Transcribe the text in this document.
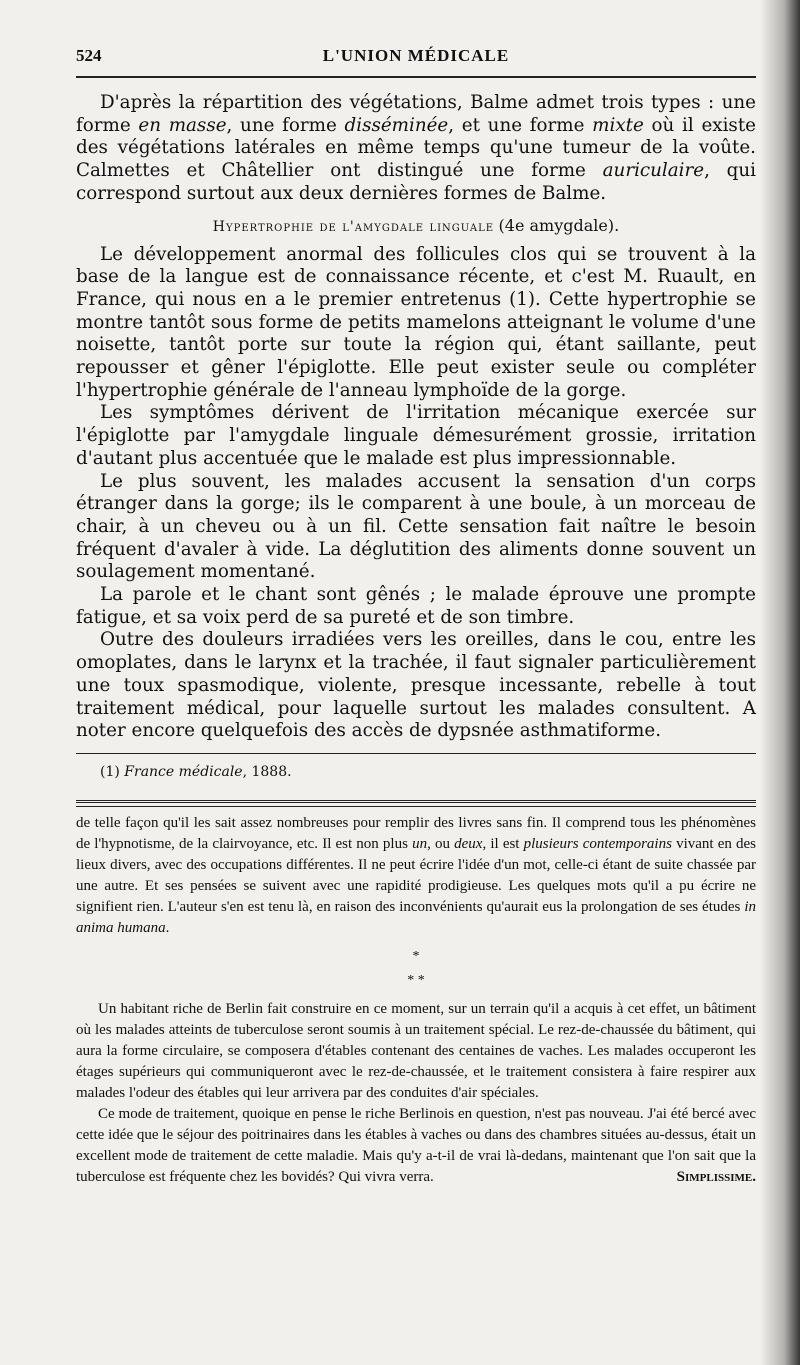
524	L'UNION MÉDICALE

D'après la répartition des végétations, Balme admet trois types : une forme en masse, une forme disséminée, et une forme mixte où il existe des végétations latérales en même temps qu'une tumeur de la voûte. Calmettes et Châtellier ont distingué une forme auriculaire, qui correspond surtout aux deux dernières formes de Balme.

Hypertrophie de l'amygdale linguale (4e amygdale).

Le développement anormal des follicules clos qui se trouvent à la base de la langue est de connaissance récente, et c'est M. Ruault, en France, qui nous en a le premier entretenus (1). Cette hypertrophie se montre tantôt sous forme de petits mamelons atteignant le volume d'une noisette, tantôt porte sur toute la région qui, étant saillante, peut repousser et gêner l'épiglotte. Elle peut exister seule ou compléter l'hypertrophie générale de l'anneau lymphoïde de la gorge.

Les symptômes dérivent de l'irritation mécanique exercée sur l'épiglotte par l'amygdale linguale démesurément grossie, irritation d'autant plus accentuée que le malade est plus impressionnable.

Le plus souvent, les malades accusent la sensation d'un corps étranger dans la gorge; ils le comparent à une boule, à un morceau de chair, à un cheveu ou à un fil. Cette sensation fait naître le besoin fréquent d'avaler à vide. La déglutition des aliments donne souvent un soulagement momentané.

La parole et le chant sont gênés ; le malade éprouve une prompte fatigue, et sa voix perd de sa pureté et de son timbre.

Outre des douleurs irradiées vers les oreilles, dans le cou, entre les omoplates, dans le larynx et la trachée, il faut signaler particulièrement une toux spasmodique, violente, presque incessante, rebelle à tout traitement médical, pour laquelle surtout les malades consultent. A noter encore quelquefois des accès de dypsnée asthmatiforme.

(1) France médicale, 1888.

de telle façon qu'il les sait assez nombreuses pour remplir des livres sans fin. Il comprend tous les phénomènes de l'hypnotisme, de la clairvoyance, etc. Il est non plus un, ou deux, il est plusieurs contemporains vivant en des lieux divers, avec des occupations différentes. Il ne peut écrire l'idée d'un mot, celle-ci étant de suite chassée par une autre. Et ses pensées se suivent avec une rapidité prodigieuse. Les quelques mots qu'il a pu écrire ne signifient rien. L'auteur s'en est tenu là, en raison des inconvénients qu'aurait eus la prolongation de ses études in anima humana.

*
* *

Un habitant riche de Berlin fait construire en ce moment, sur un terrain qu'il a acquis à cet effet, un bâtiment où les malades atteints de tuberculose seront soumis à un traitement spécial. Le rez-de-chaussée du bâtiment, qui aura la forme circulaire, se composera d'étables contenant des centaines de vaches. Les malades occuperont les étages supérieurs qui communiqueront avec le rez-de-chaussée, et le traitement consistera à faire respirer aux malades l'odeur des étables qui leur arrivera par des conduites d'air spéciales.

Ce mode de traitement, quoique en pense le riche Berlinois en question, n'est pas nouveau. J'ai été bercé avec cette idée que le séjour des poitrinaires dans les étables à vaches ou dans des chambres situées au-dessus, était un excellent mode de traitement de cette maladie. Mais qu'y a-t-il de vrai là-dedans, maintenant que l'on sait que la tuberculose est fréquente chez les bovidés? Qui vivra verra.	Simplissime.
